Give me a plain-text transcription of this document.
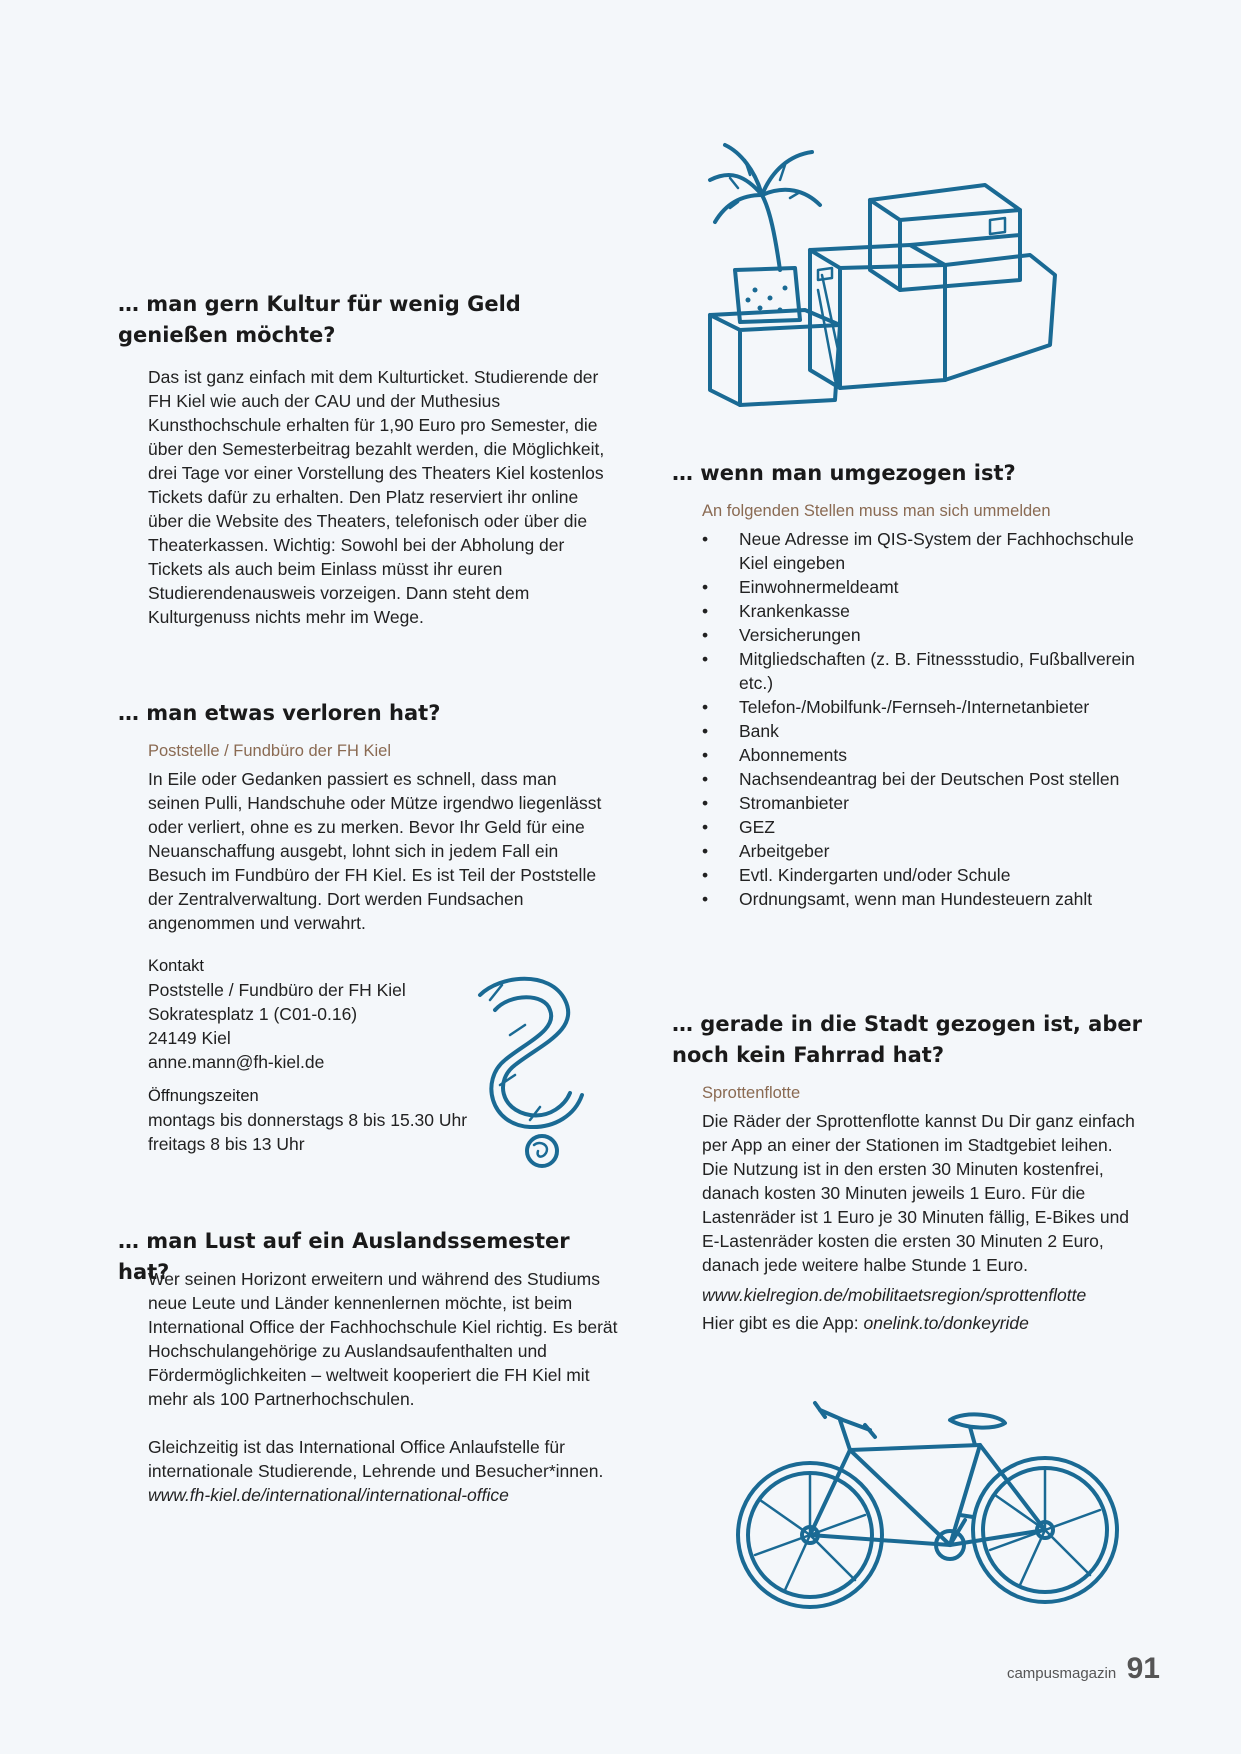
… man gern Kultur für wenig Geld genießen möchte?

Das ist ganz einfach mit dem Kulturticket. Studierende der FH Kiel wie auch der CAU und der Muthesius Kunsthochschule erhalten für 1,90 Euro pro Semester, die über den Semesterbeitrag bezahlt werden, die Möglichkeit, drei Tage vor einer Vorstellung des Theaters Kiel kostenlos Tickets dafür zu erhalten. Den Platz reserviert ihr online über die Website des Theaters, telefonisch oder über die Theaterkassen. Wichtig: Sowohl bei der Abholung der Tickets als auch beim Einlass müsst ihr euren Studierendenausweis vorzeigen. Dann steht dem Kulturgenuss nichts mehr im Wege.

… man etwas verloren hat?

Poststelle / Fundbüro der FH Kiel

In Eile oder Gedanken passiert es schnell, dass man seinen Pulli, Handschuhe oder Mütze irgendwo liegenlässt oder verliert, ohne es zu merken. Bevor Ihr Geld für eine Neuanschaffung ausgebt, lohnt sich in jedem Fall ein Besuch im Fundbüro der FH Kiel. Es ist Teil der Poststelle der Zentralverwaltung. Dort werden Fundsachen angenommen und verwahrt.

Kontakt

Poststelle / Fundbüro der FH Kiel
Sokratesplatz 1 (C01-0.16)
24149 Kiel
anne.mann@fh-kiel.de

Öffnungszeiten

montags bis donnerstags 8 bis 15.30 Uhr
freitags 8 bis 13 Uhr
… man Lust auf ein Auslandssemester hat?

Wer seinen Horizont erweitern und während des Studiums neue Leute und Länder kennenlernen möchte, ist beim International Office der Fachhochschule Kiel richtig. Es berät Hochschulangehörige zu Auslandsaufenthalten und Fördermöglichkeiten – weltweit kooperiert die FH Kiel mit mehr als 100 Partnerhochschulen.

Gleichzeitig ist das International Office Anlaufstelle für internationale Studierende, Lehrende und Besucher*innen.

www.fh-kiel.de/international/international-office

… wenn man umgezogen ist?

An folgenden Stellen muss man sich ummelden

•	Neue Adresse im QIS-System der Fachhochschule Kiel eingeben
•	Einwohnermeldeamt
•	Krankenkasse
•	Versicherungen
•	Mitgliedschaften (z. B. Fitnessstudio, Fußballverein etc.)
•	Telefon-/Mobilfunk-/Fernseh-/Internetanbieter
•	Bank
•	Abonnements
•	Nachsendeantrag bei der Deutschen Post stellen
•	Stromanbieter
•	GEZ
•	Arbeitgeber
•	Evtl. Kindergarten und/oder Schule
•	Ordnungsamt, wenn man Hundesteuern zahlt
… gerade in die Stadt gezogen ist, aber noch kein Fahrrad hat?

Sprottenflotte

Die Räder der Sprottenflotte kannst Du Dir ganz einfach per App an einer der Stationen im Stadtgebiet leihen. Die Nutzung ist in den ersten 30 Minuten kostenfrei, danach kosten 30 Minuten jeweils 1 Euro. Für die Lastenräder ist 1 Euro je 30 Minuten fällig, E-Bikes und E-Lastenräder kosten die ersten 30 Minuten 2 Euro, danach jede weitere halbe Stunde 1 Euro.

www.kielregion.de/mobilitaetsregion/sprottenflotte

Hier gibt es die App: onelink.to/donkeyride

campusmagazin 91
